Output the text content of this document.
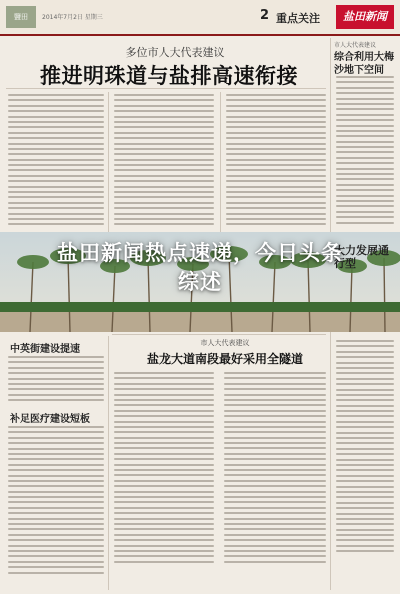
鹽田	2014年7月2日 星期三	2 重点关注	盐田新闻
多位市人大代表建议
推进明珠道与盐排高速衔接
市人大代表建议
综合利用大梅沙地下空间
中英街建设提速
补足医疗建设短板
市人大代表建议
盐龙大道南段最好采用全隧道
大力发展通行型
盐田新闻热点速递，今日头条
综述
